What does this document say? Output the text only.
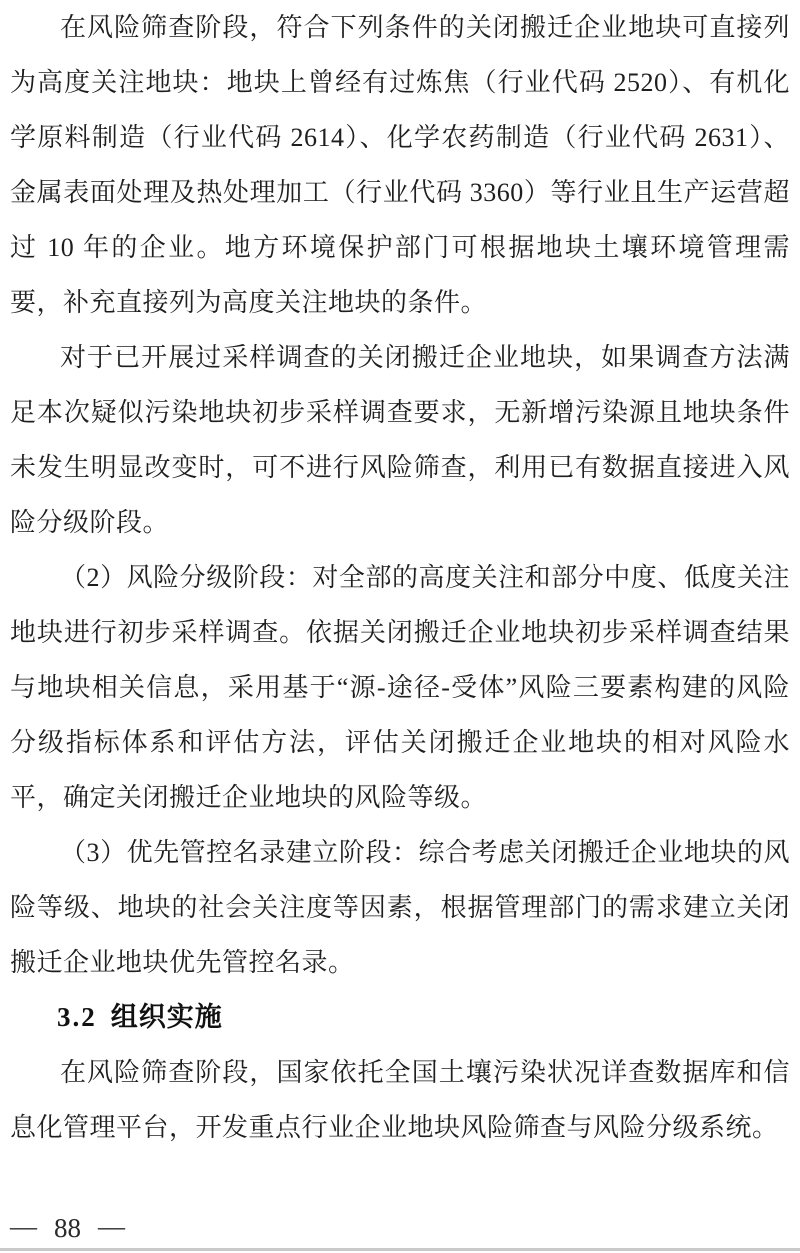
在风险筛查阶段，符合下列条件的关闭搬迁企业地块可直接列为高度关注地块：地块上曾经有过炼焦（行业代码 2520）、有机化学原料制造（行业代码 2614）、化学农药制造（行业代码 2631）、金属表面处理及热处理加工（行业代码 3360）等行业且生产运营超过 10 年的企业。地方环境保护部门可根据地块土壤环境管理需要，补充直接列为高度关注地块的条件。

对于已开展过采样调查的关闭搬迁企业地块，如果调查方法满足本次疑似污染地块初步采样调查要求，无新增污染源且地块条件未发生明显改变时，可不进行风险筛查，利用已有数据直接进入风险分级阶段。

（2）风险分级阶段：对全部的高度关注和部分中度、低度关注地块进行初步采样调查。依据关闭搬迁企业地块初步采样调查结果与地块相关信息，采用基于“源-途径-受体”风险三要素构建的风险分级指标体系和评估方法，评估关闭搬迁企业地块的相对风险水平，确定关闭搬迁企业地块的风险等级。

（3）优先管控名录建立阶段：综合考虑关闭搬迁企业地块的风险等级、地块的社会关注度等因素，根据管理部门的需求建立关闭搬迁企业地块优先管控名录。

3.2 组织实施

在风险筛查阶段，国家依托全国土壤污染状况详查数据库和信息化管理平台，开发重点行业企业地块风险筛查与风险分级系统。

— 88 —
